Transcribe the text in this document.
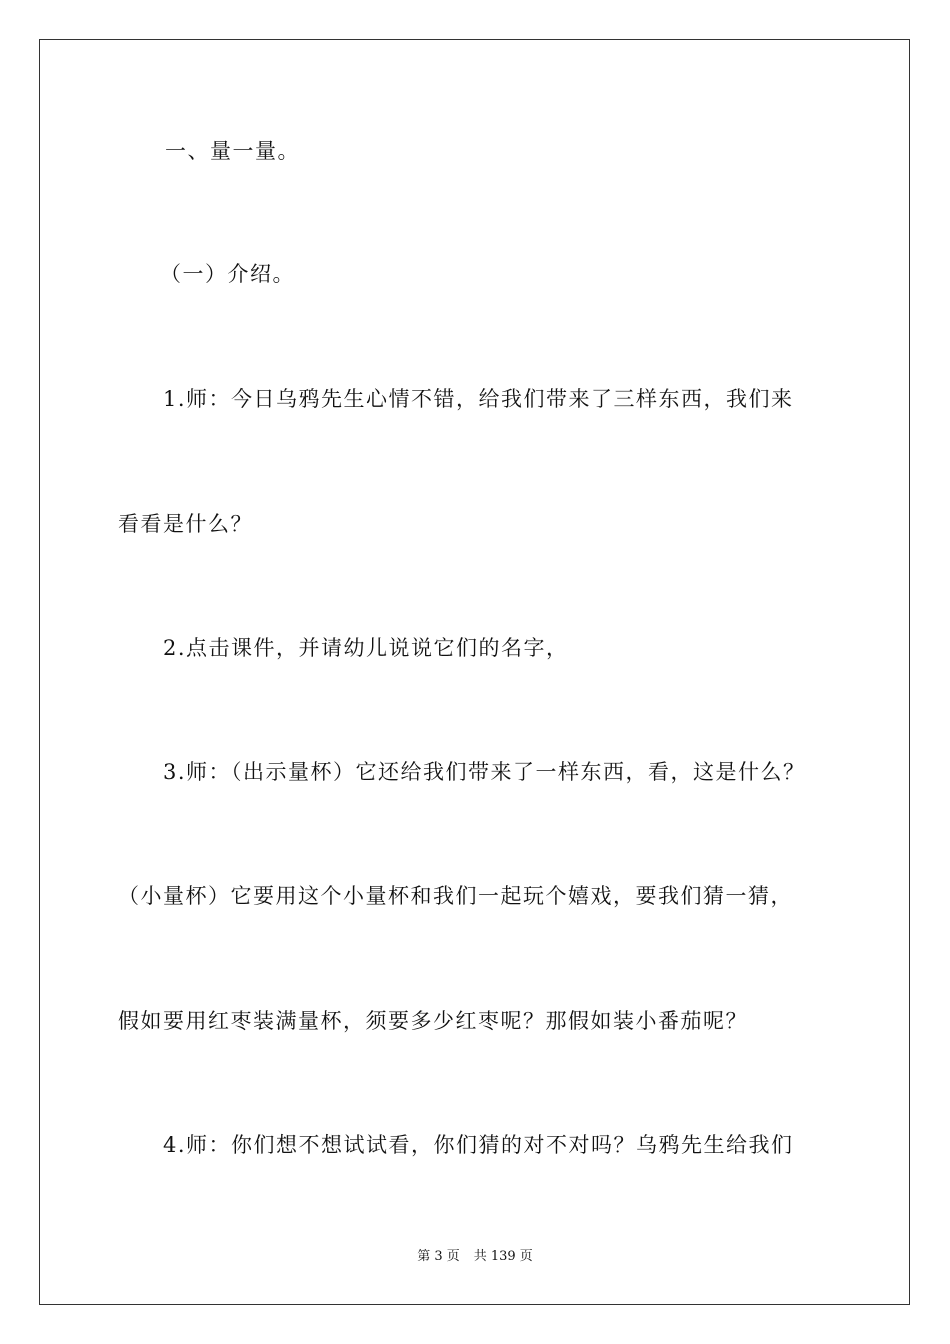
一、量一量。
（一）介绍。
1.师：今日乌鸦先生心情不错，给我们带来了三样东西，我们来
看看是什么？
2.点击课件，并请幼儿说说它们的名字，
3.师：（出示量杯）它还给我们带来了一样东西，看，这是什么？
（小量杯）它要用这个小量杯和我们一起玩个嬉戏，要我们猜一猜，
假如要用红枣装满量杯，须要多少红枣呢？那假如装小番茄呢？
4.师：你们想不想试试看，你们猜的对不对吗？乌鸦先生给我们
第 3 页 共 139 页
